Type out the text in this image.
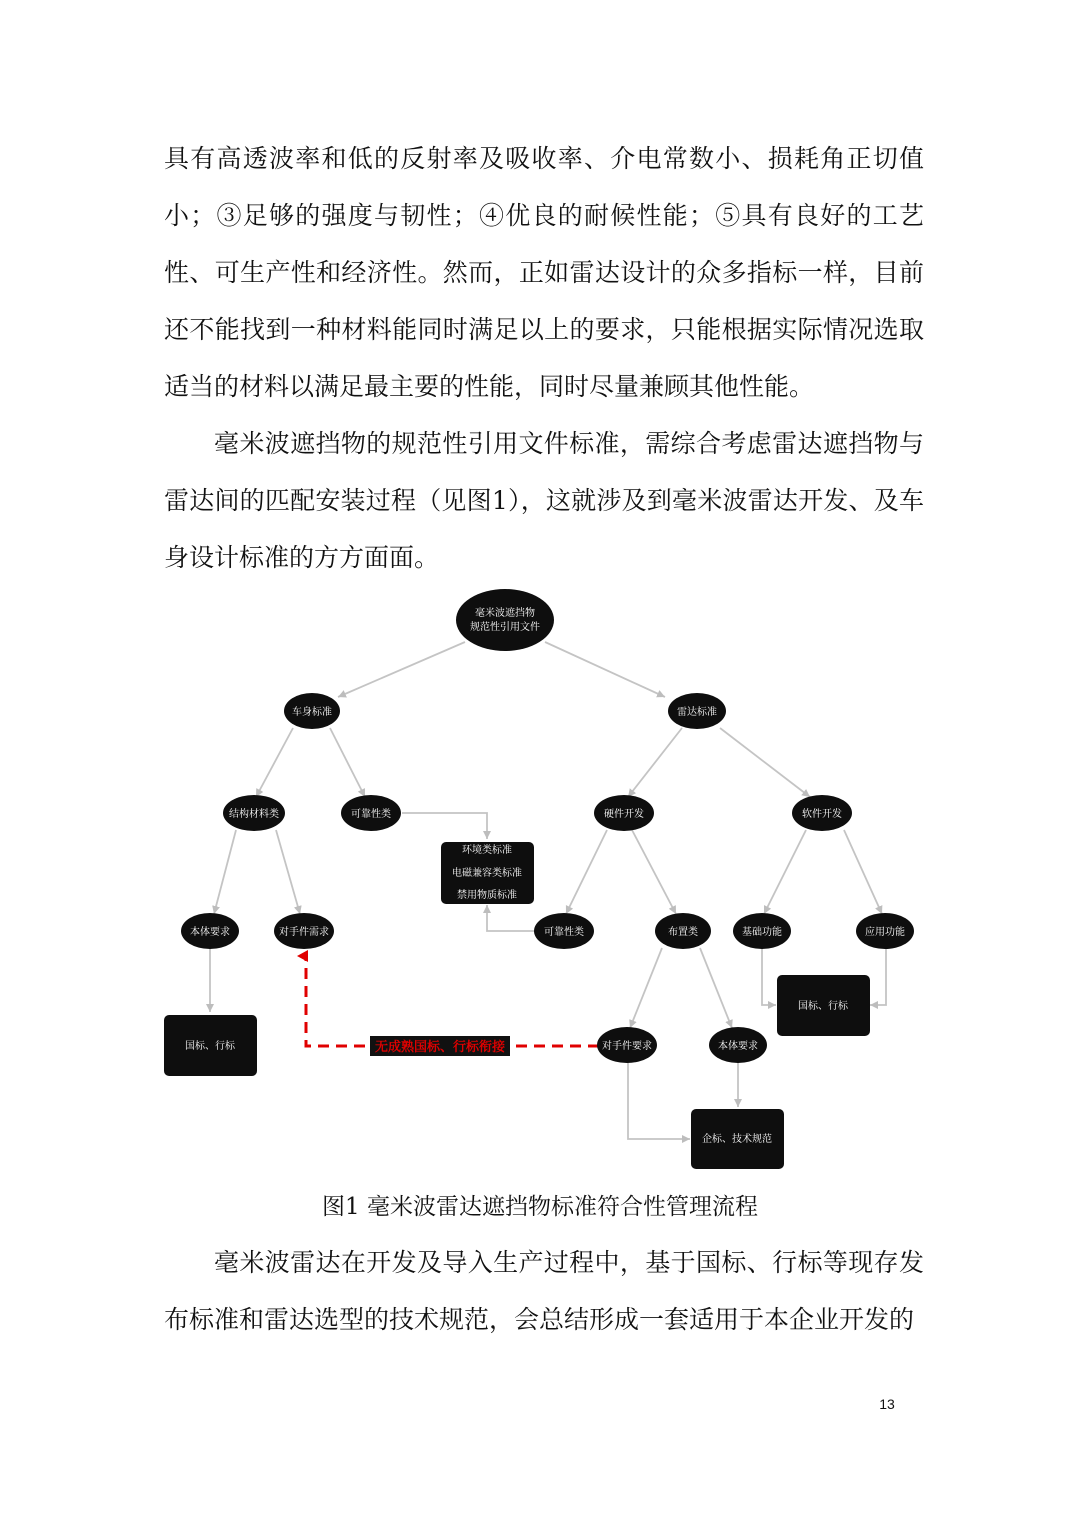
具有高透波率和低的反射率及吸收率、介电常数小、损耗角正切值小；③足够的强度与韧性；④优良的耐候性能；⑤具有良好的工艺性、可生产性和经济性。然而，正如雷达设计的众多指标一样，目前还不能找到一种材料能同时满足以上的要求，只能根据实际情况选取适当的材料以满足最主要的性能，同时尽量兼顾其他性能。

毫米波遮挡物的规范性引用文件标准，需综合考虑雷达遮挡物与雷达间的匹配安装过程（见图1），这就涉及到毫米波雷达开发、及车身设计标准的方方面面。

无成熟国标、行标衔接
毫米波遮挡物
规范性引用文件
车身标准	雷达标准
结构材料类	可靠性类	硬件开发	软件开发
环境类标准
电磁兼容类标准
禁用物质标准
本体要求	对手件需求	可靠性类	布置类	基础功能	应用功能
国标、行标
国标、行标
对手件要求	本体要求
企标、技术规范
图1 毫米波雷达遮挡物标准符合性管理流程

毫米波雷达在开发及导入生产过程中，基于国标、行标等现存发布标准和雷达选型的技术规范，会总结形成一套适用于本企业开发的

13
